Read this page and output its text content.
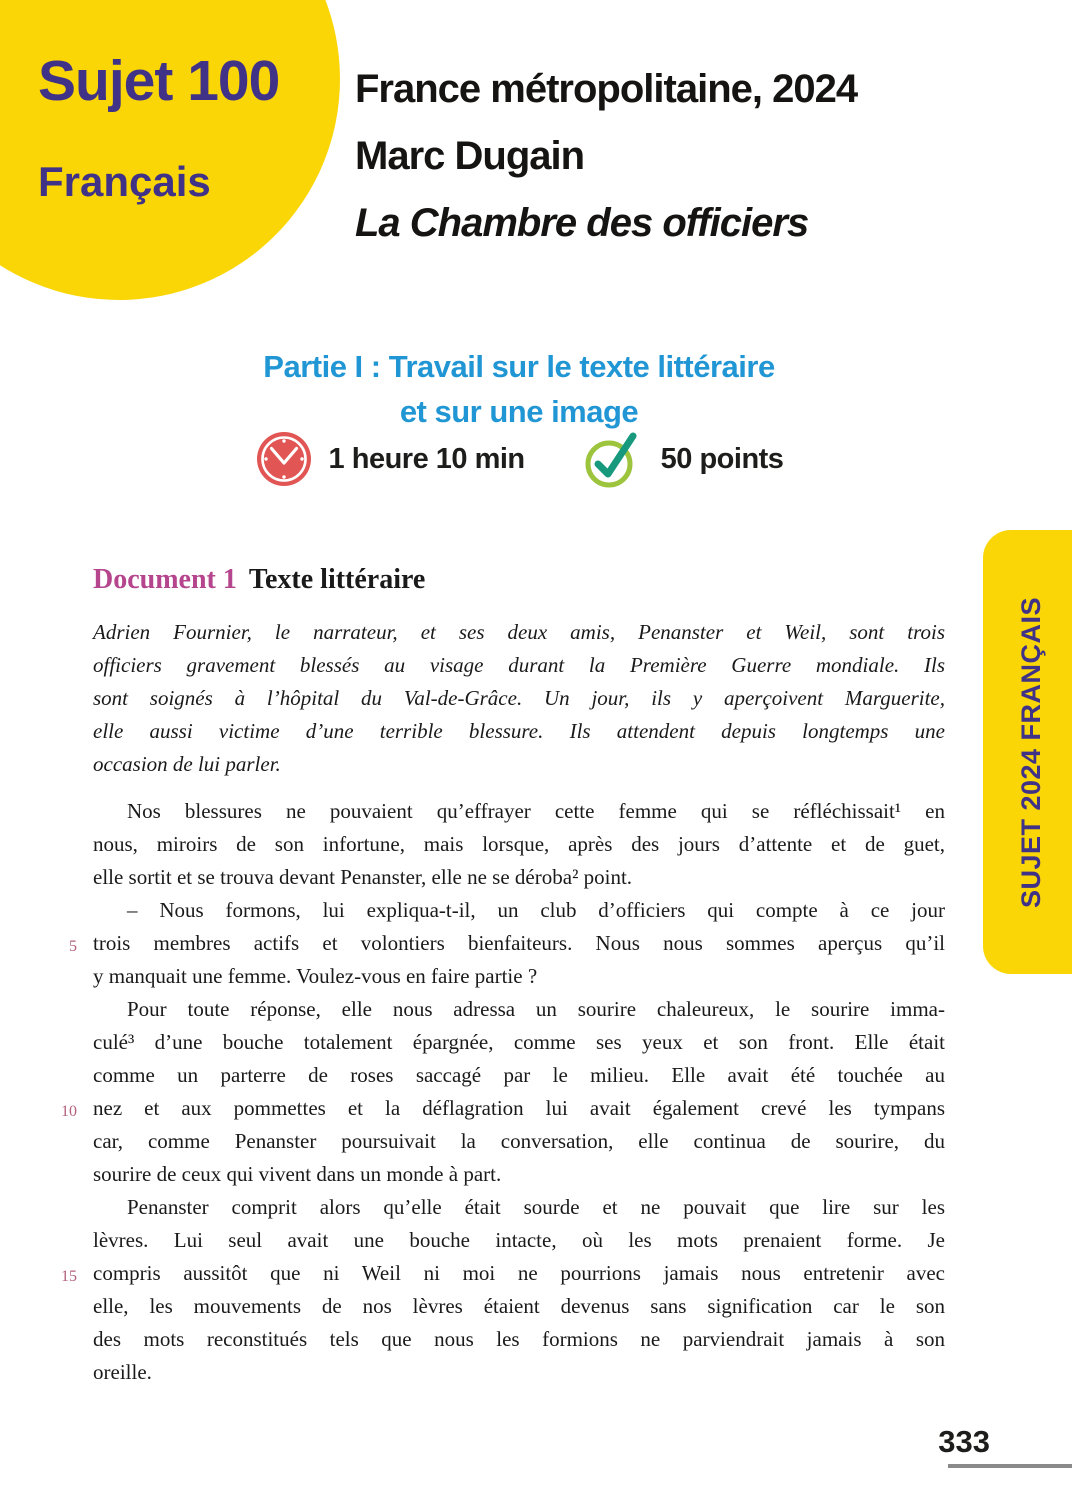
Sujet 100
Français
France métropolitaine, 2024
Marc Dugain
La Chambre des officiers
Partie I : Travail sur le texte littéraire
et sur une image
1 heure 10 min	50 points
Document 1 Texte littéraire
Adrien Fournier, le narrateur, et ses deux amis, Penanster et Weil, sont trois
officiers gravement blessés au visage durant la Première Guerre mondiale. Ils
sont soignés à l’hôpital du Val-de-Grâce. Un jour, ils y aperçoivent Marguerite,
elle aussi victime d’une terrible blessure. Ils attendent depuis longtemps une
occasion de lui parler.
Nos blessures ne pouvaient qu’effrayer cette femme qui se réfléchissait¹ en
nous, miroirs de son infortune, mais lorsque, après des jours d’attente et de guet,
elle sortit et se trouva devant Penanster, elle ne se déroba² point.
– Nous formons, lui expliqua-t-il, un club d’officiers qui compte à ce jour
5 trois membres actifs et volontiers bienfaiteurs. Nous nous sommes aperçus qu’il
y manquait une femme. Voulez-vous en faire partie ?
Pour toute réponse, elle nous adressa un sourire chaleureux, le sourire imma-
culé³ d’une bouche totalement épargnée, comme ses yeux et son front. Elle était
comme un parterre de roses saccagé par le milieu. Elle avait été touchée au
10 nez et aux pommettes et la déflagration lui avait également crevé les tympans
car, comme Penanster poursuivait la conversation, elle continua de sourire, du
sourire de ceux qui vivent dans un monde à part.
Penanster comprit alors qu’elle était sourde et ne pouvait que lire sur les
lèvres. Lui seul avait une bouche intacte, où les mots prenaient forme. Je
15 compris aussitôt que ni Weil ni moi ne pourrions jamais nous entretenir avec
elle, les mouvements de nos lèvres étaient devenus sans signification car le son
des mots reconstitués tels que nous les formions ne parviendrait jamais à son
oreille.
SUJET 2024 FRANÇAIS
333
